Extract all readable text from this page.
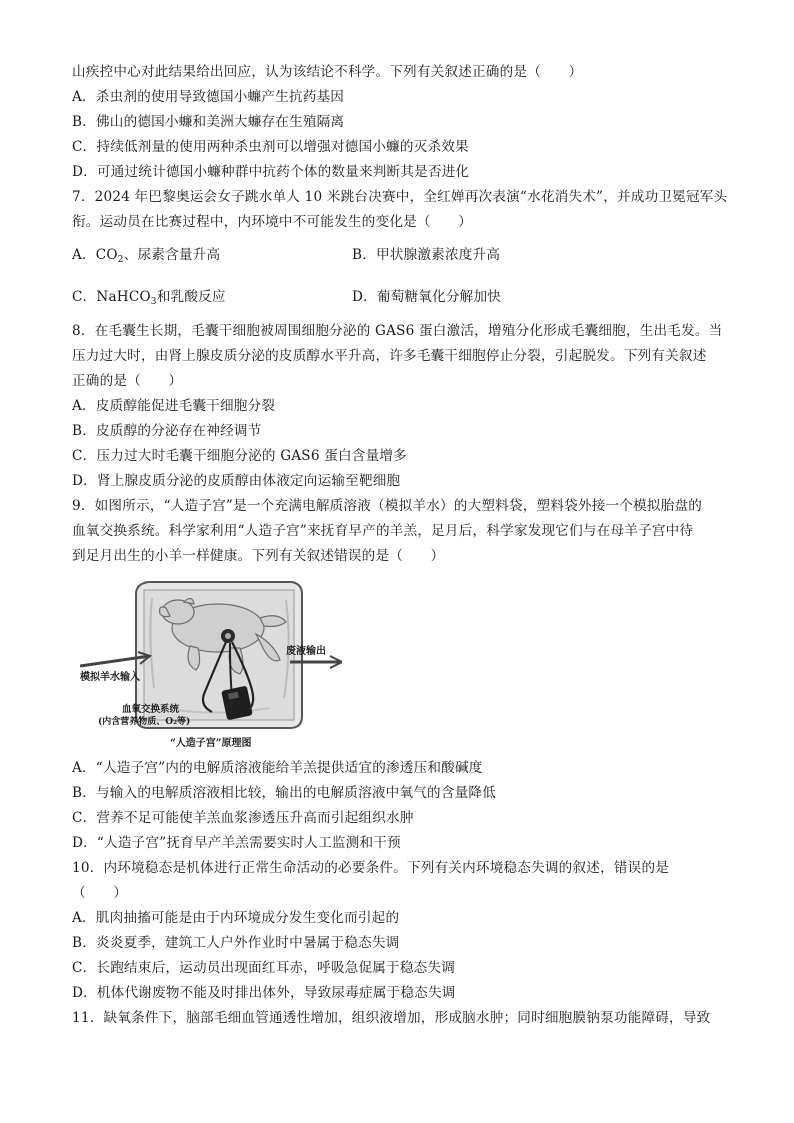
山疾控中心对此结果给出回应，认为该结论不科学。下列有关叙述正确的是（　　）
A．杀虫剂的使用导致德国小蠊产生抗药基因
B．佛山的德国小蠊和美洲大蠊存在生殖隔离
C．持续低剂量的使用两种杀虫剂可以增强对德国小蠊的灭杀效果
D．可通过统计德国小蠊种群中抗药个体的数量来判断其是否进化
7．2024 年巴黎奥运会女子跳水单人 10 米跳台决赛中，全红婵再次表演“水花消失术”，并成功卫冕冠军头
衔。运动员在比赛过程中，内环境中不可能发生的变化是（　　）
A．$CO_2$、尿素含量升高	B．甲状腺激素浓度升高
C．NaHCO$_3$和乳酸反应	D．葡萄糖氧化分解加快
8．在毛囊生长期，毛囊干细胞被周围细胞分泌的 GAS6 蛋白激活，增殖分化形成毛囊细胞，生出毛发。当
压力过大时，由肾上腺皮质分泌的皮质醇水平升高，许多毛囊干细胞停止分裂，引起脱发。下列有关叙述
正确的是（　　）
A．皮质醇能促进毛囊干细胞分裂
B．皮质醇的分泌存在神经调节
C．压力过大时毛囊干细胞分泌的 GAS6 蛋白含量增多
D．肾上腺皮质分泌的皮质醇由体液定向运输至靶细胞
9．如图所示，“人造子宫”是一个充满电解质溶液（模拟羊水）的大塑料袋，塑料袋外接一个模拟胎盘的
血氧交换系统。科学家利用“人造子宫”来抚育早产的羊羔，足月后，科学家发现它们与在母羊子宫中待
到足月出生的小羊一样健康。下列有关叙述错误的是（　　）
废液输出
模拟羊水输入
血氧交换系统
(内含营养物质、O₂等)
“人造子宫”原理图
A．“人造子宫”内的电解质溶液能给羊羔提供适宜的渗透压和酸碱度
B．与输入的电解质溶液相比较，输出的电解质溶液中氧气的含量降低
C．营养不足可能使羊羔血浆渗透压升高而引起组织水肿
D．“人造子宫”抚育早产羊羔需要实时人工监测和干预
10．内环境稳态是机体进行正常生命活动的必要条件。下列有关内环境稳态失调的叙述，错误的是
（　　）
A．肌肉抽搐可能是由于内环境成分发生变化而引起的
B．炎炎夏季，建筑工人户外作业时中暑属于稳态失调
C．长跑结束后，运动员出现面红耳赤，呼吸急促属于稳态失调
D．机体代谢废物不能及时排出体外，导致尿毒症属于稳态失调
11．缺氧条件下，脑部毛细血管通透性增加，组织液增加，形成脑水肿；同时细胞膜钠泵功能障碍，导致
